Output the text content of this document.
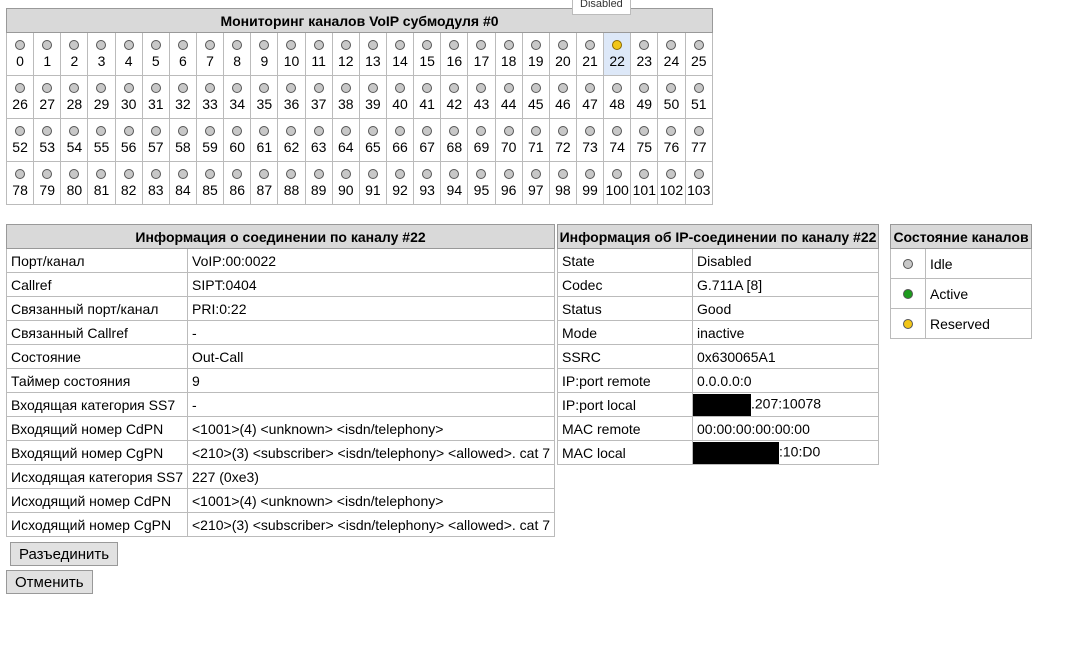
Мониторинг каналов VoIP субмодуля #0																									

0	1	2	3	4	5	6	7	8	9	10	11	12	13	14	15	16	17	18	19	20	21	22	23	24	25

26	27	28	29	30	31	32	33	34	35	36	37	38	39	40	41	42	43	44	45	46	47	48	49	50	51

52	53	54	55	56	57	58	59	60	61	62	63	64	65	66	67	68	69	70	71	72	73	74	75	76	77

78	79	80	81	82	83	84	85	86	87	88	89	90	91	92	93	94	95	96	97	98	99	100	101	102	103
Disabled
Информация о соединении по каналу #22	
Порт/канал	VoIP:00:0022
Callref	SIPT:0404
Связанный порт/канал	PRI:0:22
Связанный Callref	-
Состояние	Out-Call
Таймер состояния	9
Входящая категория SS7	-
Входящий номер CdPN	<1001>(4) <unknown> <isdn/telephony>
Входящий номер CgPN	<210>(3) <subscriber> <isdn/telephony> <allowed>. cat 7
Исходящая категория SS7	227 (0xe3)
Исходящий номер CdPN	<1001>(4) <unknown> <isdn/telephony>
Исходящий номер CgPN	<210>(3) <subscriber> <isdn/telephony> <allowed>. cat 7
Информация об IP-соединении по каналу #22	
State	Disabled
Codec	G.711A [8]
Status	Good
Mode	inactive
SSRC	0x630065A1
IP:port remote	0.0.0.0:0
IP:port local	.207:10078
MAC remote	00:00:00:00:00:00
MAC local	:10:D0
Состояние каналов	

	Idle

	Active

	Reserved
Разъединить
Отменить
